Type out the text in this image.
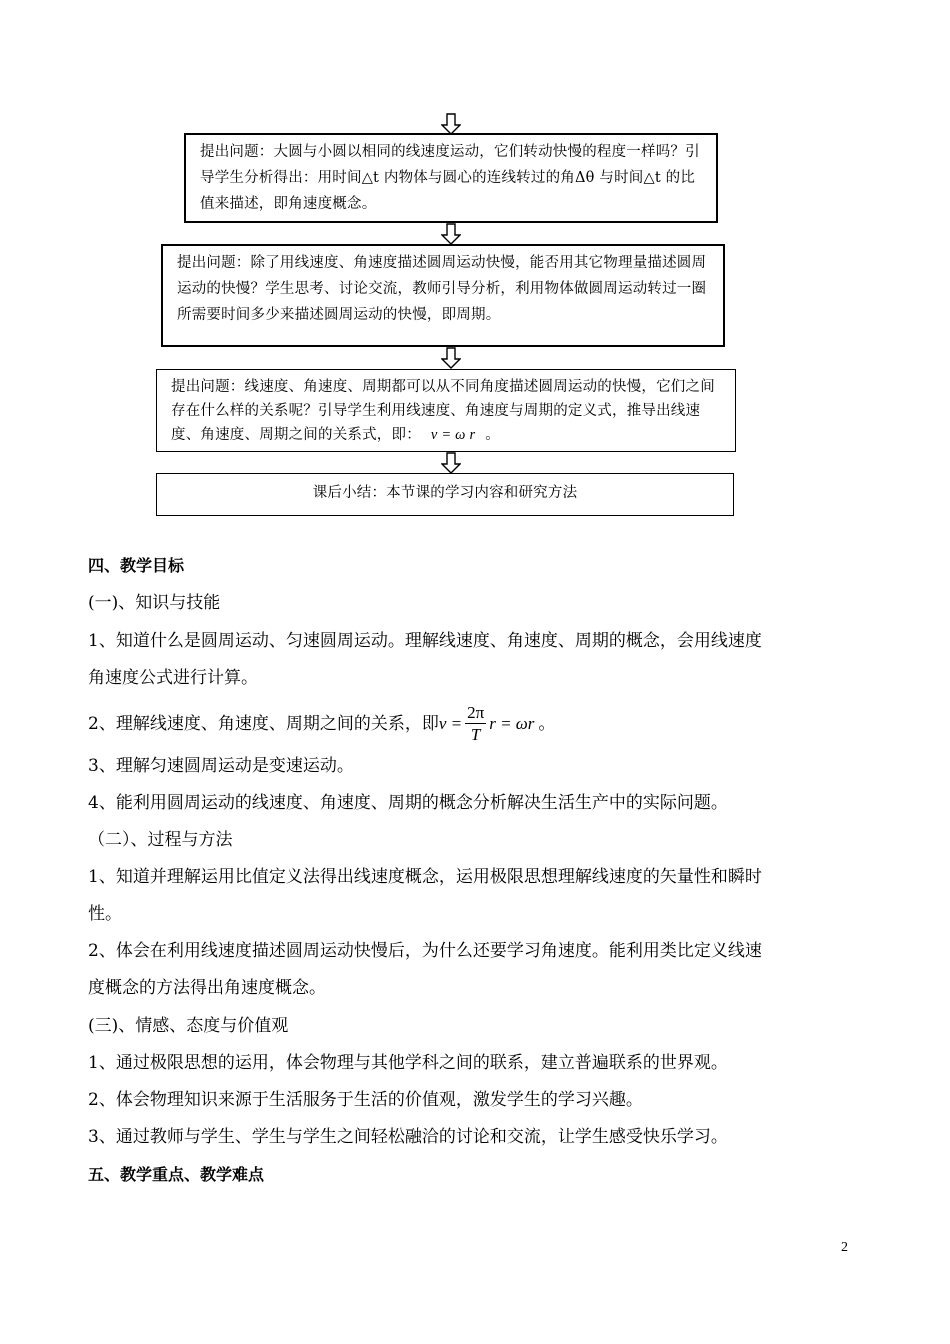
提出问题：大圆与小圆以相同的线速度运动，它们转动快慢的程度一样吗？引导学生分析得出：用时间△t 内物体与圆心的连线转过的角Δθ 与时间△t 的比值来描述，即角速度概念。
提出问题：除了用线速度、角速度描述圆周运动快慢，能否用其它物理量描述圆周运动的快慢？学生思考、讨论交流，教师引导分析，利用物体做圆周运动转过一圈所需要时间多少来描述圆周运动的快慢，即周期。
提出问题：线速度、角速度、周期都可以从不同角度描述圆周运动的快慢，它们之间存在什么样的关系呢？引导学生利用线速度、角速度与周期的定义式，推导出线速度、角速度、周期之间的关系式，即： v = ω r 。
课后小结：本节课的学习内容和研究方法
四、教学目标
(一)、知识与技能
1、知道什么是圆周运动、匀速圆周运动。理解线速度、角速度、周期的概念，会用线速度
角速度公式进行计算。
2、理解线速度、角速度、周期之间的关系，即$v = \frac{2\pi}{T}$ r = ωr 。
3、理解匀速圆周运动是变速运动。
4、能利用圆周运动的线速度、角速度、周期的概念分析解决生活生产中的实际问题。
（二）、过程与方法
1、知道并理解运用比值定义法得出线速度概念，运用极限思想理解线速度的矢量性和瞬时
性。
2、体会在利用线速度描述圆周运动快慢后，为什么还要学习角速度。能利用类比定义线速
度概念的方法得出角速度概念。
(三)、情感、态度与价值观
1、通过极限思想的运用，体会物理与其他学科之间的联系，建立普遍联系的世界观。
2、体会物理知识来源于生活服务于生活的价值观，激发学生的学习兴趣。
3、通过教师与学生、学生与学生之间轻松融洽的讨论和交流，让学生感受快乐学习。
五、教学重点、教学难点
2
